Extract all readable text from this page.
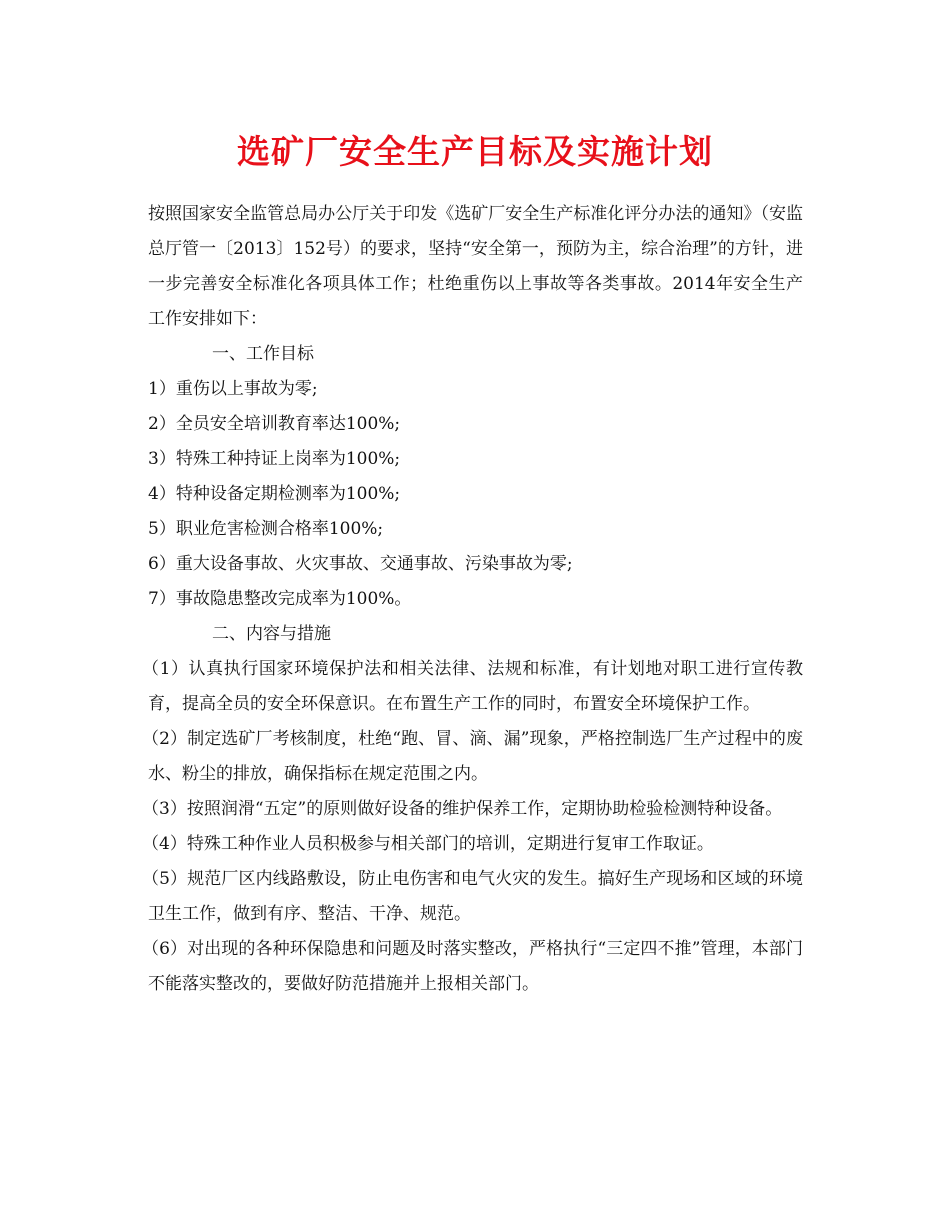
选矿厂安全生产目标及实施计划

按照国家安全监管总局办公厅关于印发《选矿厂安全生产标准化评分办法的通知》（安监总厅管一〔2013〕152号）的要求，坚持“安全第一，预防为主，综合治理”的方针，进一步完善安全标准化各项具体工作；杜绝重伤以上事故等各类事故。2014年安全生产工作安排如下：

一、工作目标

1）重伤以上事故为零;

2）全员安全培训教育率达100%;

3）特殊工种持证上岗率为100%;

4）特种设备定期检测率为100%;

5）职业危害检测合格率100%;

6）重大设备事故、火灾事故、交通事故、污染事故为零;

7）事故隐患整改完成率为100%。

二、内容与措施

（1）认真执行国家环境保护法和相关法律、法规和标准，有计划地对职工进行宣传教育，提高全员的安全环保意识。在布置生产工作的同时，布置安全环境保护工作。

（2）制定选矿厂考核制度，杜绝“跑、冒、滴、漏”现象，严格控制选厂生产过程中的废水、粉尘的排放，确保指标在规定范围之内。

（3）按照润滑“五定”的原则做好设备的维护保养工作，定期协助检验检测特种设备。

（4）特殊工种作业人员积极参与相关部门的培训，定期进行复审工作取证。

（5）规范厂区内线路敷设，防止电伤害和电气火灾的发生。搞好生产现场和区域的环境卫生工作，做到有序、整洁、干净、规范。

（6）对出现的各种环保隐患和问题及时落实整改，严格执行“三定四不推”管理，本部门不能落实整改的，要做好防范措施并上报相关部门。
